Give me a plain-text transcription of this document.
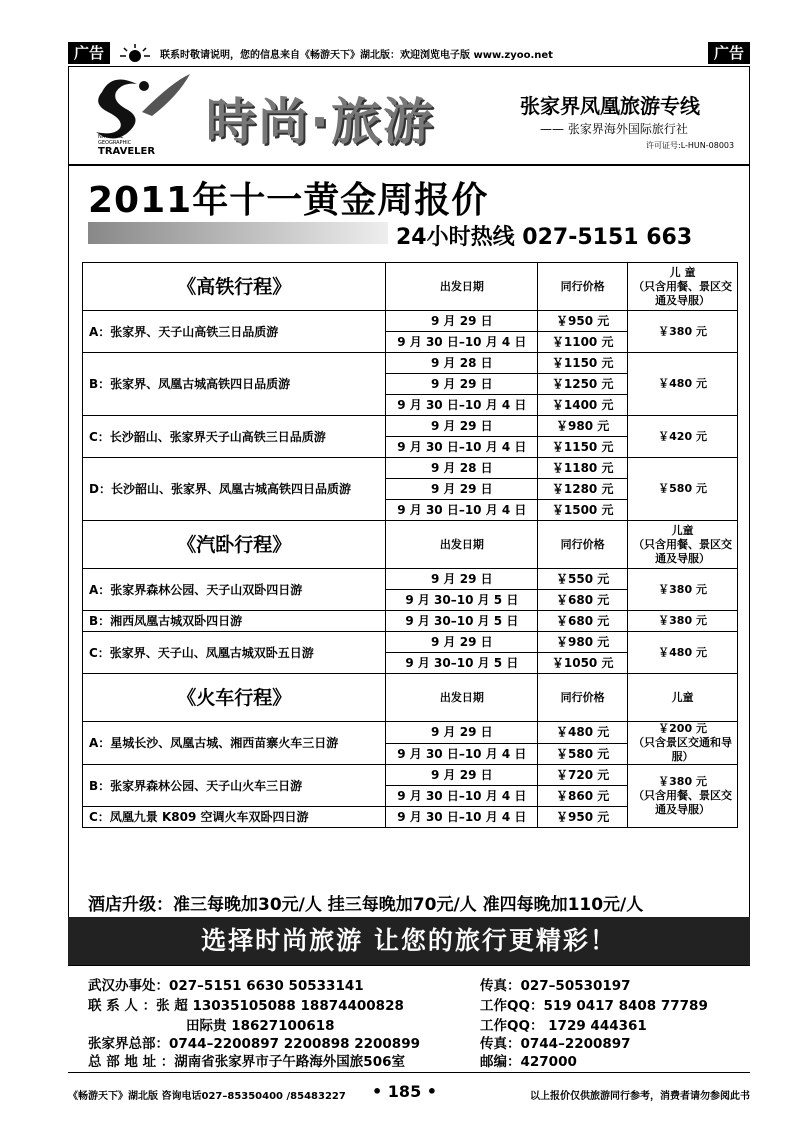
广告	联系时敬请说明，您的信息来自《畅游天下》湖北版：欢迎浏览电子版 www.zyoo.net	广告
NATIONAL
GEOGRAPHIC
TRAVELER
時尚·旅游	张家界凤凰旅游专线
—— 张家界海外国际旅行社
许可证号:L-HUN-08003
2011年十一黄金周报价
24小时热线 027-5151 663
《高铁行程》	出发日期	同行价格	儿 童
（只含用餐、景区交通及导服）
A：张家界、天子山高铁三日品质游	9 月 29 日	￥950 元	￥380 元
	9 月 30 日–10 月 4 日	￥1100 元	
B：张家界、凤凰古城高铁四日品质游	9 月 28 日	￥1150 元	￥480 元
	9 月 29 日	￥1250 元	
	9 月 30 日–10 月 4 日	￥1400 元	
C：长沙韶山、张家界天子山高铁三日品质游	9 月 29 日	￥980 元	￥420 元
	9 月 30 日–10 月 4 日	￥1150 元	
D：长沙韶山、张家界、凤凰古城高铁四日品质游	9 月 28 日	￥1180 元	￥580 元
	9 月 29 日	￥1280 元	
	9 月 30 日–10 月 4 日	￥1500 元	
《汽卧行程》	出发日期	同行价格	儿童
（只含用餐、景区交通及导服）
A：张家界森林公园、天子山双卧四日游	9 月 29 日	￥550 元	￥380 元
	9 月 30–10 月 5 日	￥680 元	
B：湘西凤凰古城双卧四日游	9 月 30–10 月 5 日	￥680 元	￥380 元
C：张家界、天子山、凤凰古城双卧五日游	9 月 29 日	￥980 元	￥480 元
	9 月 30–10 月 5 日	￥1050 元	
《火车行程》	出发日期	同行价格	儿童
A：星城长沙、凤凰古城、湘西苗寨火车三日游	9 月 29 日	￥480 元	￥200 元
（只含景区交通和导服）
	9 月 30 日–10 月 4 日	￥580 元	
B：张家界森林公园、天子山火车三日游	9 月 29 日	￥720 元	￥380 元
（只含用餐、景区交通及导服）
	9 月 30 日–10 月 4 日	￥860 元	
C：凤凰九景 K809 空调火车双卧四日游	9 月 30 日–10 月 4 日	￥950 元	
酒店升级：准三每晚加30元/人 挂三每晚加70元/人 准四每晚加110元/人
选择时尚旅游 让您的旅行更精彩！
武汉办事处：027–5151 6630 50533141	传真：027–50530197
联 系 人 ：张 超 13035105088 18874400828
田际贵 18627100618
工作QQ：519 0417 8408 77789
工作QQ： 1729 444361
张家界总部：0744–2200897 2200898 2200899	传真：0744–2200897
总 部 地 址 ：湖南省张家界市子午路海外国旅506室	邮编：427000
《畅游天下》湖北版 咨询电话027–85350400 /85483227 • 185 •	以上报价仅供旅游同行参考，消费者请勿参阅此书
